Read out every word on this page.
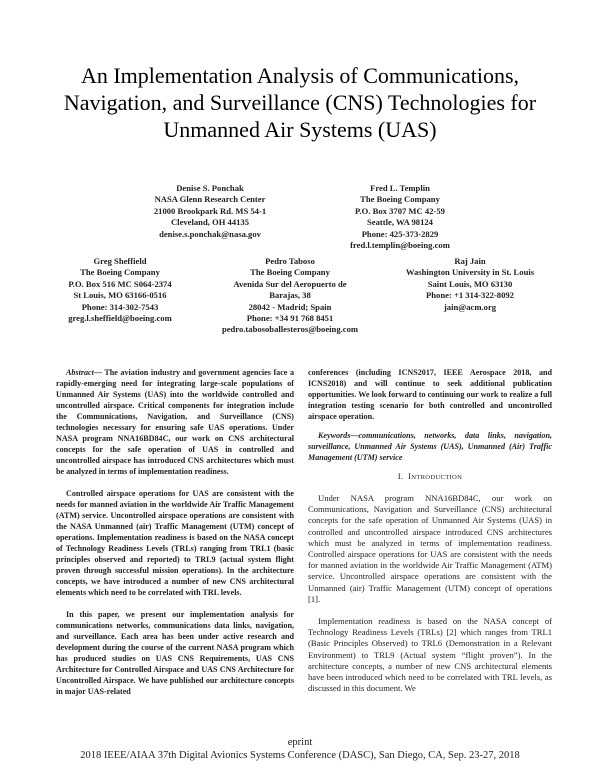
An Implementation Analysis of Communications,
Navigation, and Surveillance (CNS) Technologies for
Unmanned Air Systems (UAS)
Denise S. Ponchak
NASA Glenn Research Center
21000 Brookpark Rd. MS 54-1
Cleveland, OH 44135
denise.s.ponchak@nasa.gov
Fred L. Templin
The Boeing Company
P.O. Box 3707 MC 42-59
Seattle, WA 98124
Phone: 425-373-2829
fred.l.templin@boeing.com
Greg Sheffield
The Boeing Company
P.O. Box 516 MC S064-2374
St Louis, MO 63166-0516
Phone: 314-302-7543
greg.l.sheffield@boeing.com
Pedro Taboso
The Boeing Company
Avenida Sur del Aeropuerto de
Barajas, 38
28042 - Madrid; Spain
Phone: +34 91 768 8451
pedro.tabosoballesteros@boeing.com
Raj Jain
Washington University in St. Louis
Saint Louis, MO 63130
Phone: +1 314-322-8092
jain@acm.org

Abstract— The aviation industry and government agencies face a rapidly-emerging need for integrating large-scale populations of Unmanned Air Systems (UAS) into the worldwide controlled and uncontrolled airspace. Critical components for integration include the Communications, Navigation, and Surveillance (CNS) technologies necessary for ensuring safe UAS operations. Under NASA program NNA16BD84C, our work on CNS architectural concepts for the safe operation of UAS in controlled and uncontrolled airspace has introduced CNS architectures which must be analyzed in terms of implementation readiness.

Controlled airspace operations for UAS are consistent with the needs for manned aviation in the worldwide Air Traffic Management (ATM) service. Uncontrolled airspace operations are consistent with the NASA Unmanned (air) Traffic Management (UTM) concept of operations. Implementation readiness is based on the NASA concept of Technology Readiness Levels (TRLs) ranging from TRL1 (basic principles observed and reported) to TRL9 (actual system flight proven through successful mission operations). In the architecture concepts, we have introduced a number of new CNS architectural elements which need to be correlated with TRL levels.

In this paper, we present our implementation analysis for communications networks, communications data links, navigation, and surveillance. Each area has been under active research and development during the course of the current NASA program which has produced studies on UAS CNS Requirements, UAS CNS Architecture for Controlled Airspace and UAS CNS Architecture for Uncontrolled Airspace. We have published our architecture concepts in major UAS-related

conferences (including ICNS2017, IEEE Aerospace 2018, and ICNS2018) and will continue to seek additional publication opportunities. We look forward to continuing our work to realize a full integration testing scenario for both controlled and uncontrolled airspace operation.

Keywords—communications, networks, data links, navigation, surveillance, Unmanned Air Systems (UAS), Unmanned (Air) Traffic Management (UTM) service

I. INTRODUCTION

Under NASA program NNA16BD84C, our work on Communications, Navigation and Surveillance (CNS) architectural concepts for the safe operation of Unmanned Air Systems (UAS) in controlled and uncontrolled airspace introduced CNS architectures which must be analyzed in terms of implementation readiness. Controlled airspace operations for UAS are consistent with the needs for manned aviation in the worldwide Air Traffic Management (ATM) service. Uncontrolled airspace operations are consistent with the Unmanned (air) Traffic Management (UTM) concept of operations [1].

Implementation readiness is based on the NASA concept of Technology Readiness Levels (TRLs) [2] which ranges from TRL1 (Basic Principles Observed) to TRL6 (Demonstration in a Relevant Environment) to TRL9 (Actual system “flight proven”). In the architecture concepts, a number of new CNS architectural elements have been introduced which need to be correlated with TRL levels, as discussed in this document. We

eprint
2018 IEEE/AIAA 37th Digital Avionics Systems Conference (DASC), San Diego, CA, Sep. 23-27, 2018
